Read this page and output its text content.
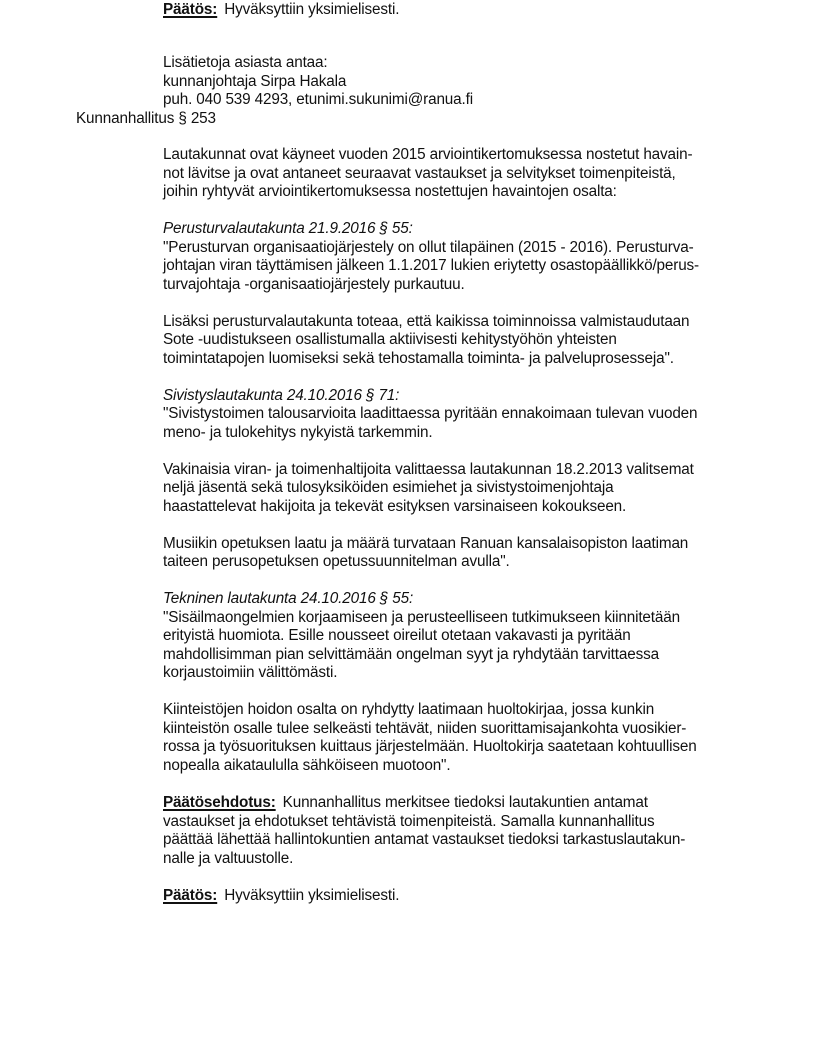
Päätös: Hyväksyttiin yksimielisesti.
Lisätietoja asiasta antaa:
kunnanjohtaja Sirpa Hakala
puh. 040 539 4293, etunimi.sukunimi@ranua.fi
Kunnanhallitus § 253
Lautakunnat ovat käyneet vuoden 2015 arviointikertomuksessa nostetut havain-
not lävitse ja ovat antaneet seuraavat vastaukset ja selvitykset toimenpiteistä,
joihin ryhtyvät arviointikertomuksessa nostettujen havaintojen osalta:
Perusturvalautakunta 21.9.2016 § 55:
"Perusturvan organisaatiojärjestely on ollut tilapäinen (2015 - 2016). Perusturva-
johtajan viran täyttämisen jälkeen 1.1.2017 lukien eriytetty osastopäällikkö/perus-
turvajohtaja -organisaatiojärjestely purkautuu.
Lisäksi perusturvalautakunta toteaa, että kaikissa toiminnoissa valmistaudutaan
Sote -uudistukseen osallistumalla aktiivisesti kehitystyöhön yhteisten
toimintatapojen luomiseksi sekä tehostamalla toiminta- ja palveluprosesseja".
Sivistyslautakunta 24.10.2016 § 71:
"Sivistystoimen talousarvioita laadittaessa pyritään ennakoimaan tulevan vuoden
meno- ja tulokehitys nykyistä tarkemmin.
Vakinaisia viran- ja toimenhaltijoita valittaessa lautakunnan 18.2.2013 valitsemat
neljä jäsentä sekä tulosyksiköiden esimiehet ja sivistystoimenjohtaja
haastattelevat hakijoita ja tekevät esityksen varsinaiseen kokoukseen.
Musiikin opetuksen laatu ja määrä turvataan Ranuan kansalaisopiston laatiman
taiteen perusopetuksen opetussuunnitelman avulla".
Tekninen lautakunta 24.10.2016 § 55:
"Sisäilmaongelmien korjaamiseen ja perusteelliseen tutkimukseen kiinnitetään
erityistä huomiota. Esille nousseet oireilut otetaan vakavasti ja pyritään
mahdollisimman pian selvittämään ongelman syyt ja ryhdytään tarvittaessa
korjaustoimiin välittömästi.
Kiinteistöjen hoidon osalta on ryhdytty laatimaan huoltokirjaa, jossa kunkin
kiinteistön osalle tulee selkeästi tehtävät, niiden suorittamisajankohta vuosikier-
rossa ja työsuorituksen kuittaus järjestelmään. Huoltokirja saatetaan kohtuullisen
nopealla aikataululla sähköiseen muotoon".
Päätösehdotus: Kunnanhallitus merkitsee tiedoksi lautakuntien antamat
vastaukset ja ehdotukset tehtävistä toimenpiteistä. Samalla kunnanhallitus
päättää lähettää hallintokuntien antamat vastaukset tiedoksi tarkastuslautakun-
nalle ja valtuustolle.
Päätös: Hyväksyttiin yksimielisesti.
